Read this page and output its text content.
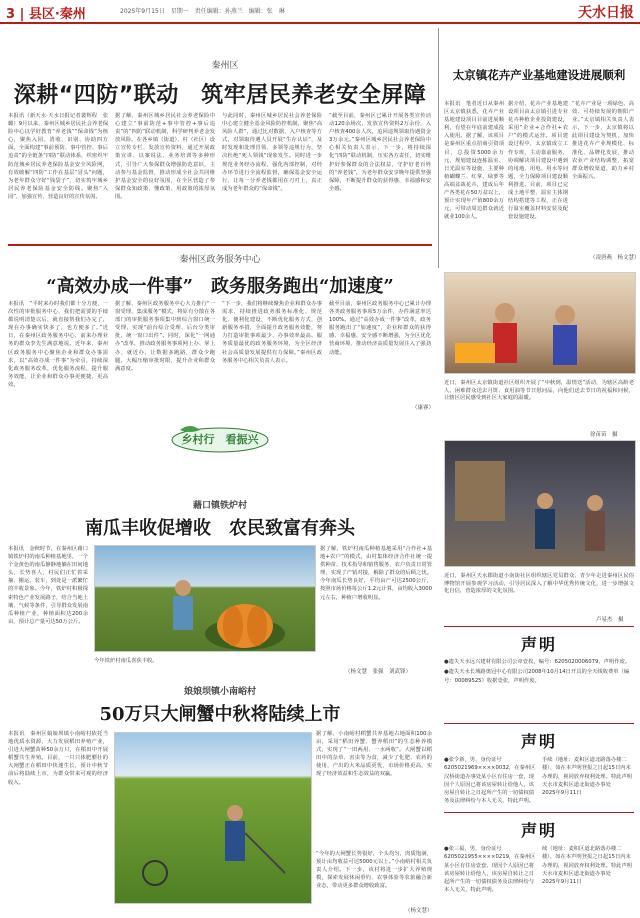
3 | 县区·秦州	2025年9月15日　星期一　责任编辑：孙燕兰　编辑：张　琳	天水日报
秦州区
深耕“四防”联动　筑牢居民养老安全屏障

本报讯（新天水·天水日报记者裴辉程　张璐）9月以来，秦州区城乡居民社会养老保险中心以学好教育“养老钱”“保命钱”为核心，聚焦入园、清收、识别、协助四方面，全面构建“事前预防、事中管控、事后追责”的全链条“四防”联动体系，织密织牢防范城乡居民养老保险基金安全风险网，有效破解“四防”工作在基层“冒头”问题，为老年群众守好“钱袋子”，切实筑牢城乡居民养老保险基金安全防线。聚焦“入园”，加强宣传，营造良好的宣传氛围。

据了解，秦州区城乡居民社会养老保险中心建立“事前防范+事中管控+事后追责”的“四防”联动机制，科学研判养老金发放风险。在各乡镇（街道）、村（社区）设立宣传专栏、发放宣传资料，通过开展政策宣讲、以案说法、业务培训等多种形式，引导广大参保群众增强防范意识，主动参与基金监督，推动形成全社会共同维护基金安全的良好氛围，在全区营造了参保群众知政策、懂政策、用政策的浓厚氛围。

与此同时，秦州区城乡居民社会养老保险中心建立健全基金风险防控机制，聚焦“高风险人群”，通过比对数据、入户核查等方式，对领取待遇人员开展“生存认证”，及时发现和处理冒领、多领等违规行为，坚决杜绝“死人领钱”现象发生。同时进一步规范业务经办流程，强化内部控制，对经办环节进行全流程监督，确保基金安全运行，让每一分养老钱都用在刀刃上，真正成为老年群众的“保命钱”。

“截至目前，秦州区已累计开展各类宣传活动120余场次，发放宣传资料2万余份，入户核查400余人次，追回违规领取待遇资金3万余元。”秦州区城乡居民社会养老保险中心相关负责人表示，下一步，将持续深化“四防”联动机制，压实各方责任，切实维护好参保群众的合法权益，守护好老百姓的“养老钱”，为老年群众安享晚年提供坚强保障，不断提升群众的获得感、幸福感和安全感。

太京镇花卉产业基地建设进展顺利

本报讯　笔者近日从秦州区太京镇获悉，花卉产业基地建设项目目前进展顺利，有望在年底前建成投入使用。据了解，该项目是秦州区重点招商引资项目，总投资5000余万元，规划建设连栋温室、日光温室等设施，主要种植蝴蝶兰、红掌、绿萝等高端盆栽花卉，建成后年产各类花卉50万盆以上，预计实现年产值800余万元，可带动周边群众就近就业100余人。

据介绍，花卉产业基地建设项目由太京镇引进专业花卉种植企业投资建设，采用“企业+合作社+农户”的模式运营。项目建设过程中，太京镇成立工作专班，主动靠前服务，协调解决项目建设中遇到的用地、用电、用水等问题，全力保障项目建设顺利推进。目前，项目已完成土地平整、温室主体钢结构搭建等工程，正在进行温室覆盖材料安装及配套设施建设。

“花卉产业是一项绿色、高效、可持续发展的朝阳产业。”太京镇相关负责人表示，下一步，太京镇将以此项目建设为契机，加快推进花卉产业规模化、标准化、品牌化发展，推动农业产业结构调整，拓宽群众增收渠道，助力乡村全面振兴。

（凌唐燕　杨文慧）
秦州区政务服务中心
“高效办成一件事”　政务服务跑出“加速度”

本报讯　“平时来办时我们都十分方便，一次性的审批服务中心，我们把需要的手续都说明清楚以后，就直接帮我们办完了，现在办事确实快多了，也方便多了。”近日，在秦州区政务服务中心，前来办理业务的群众李先生满意地说。近年来，秦州区政务服务中心聚焦企业和群众办事需求，以“高效办成一件事”为牵引，持续深化政务服务改革，优化服务流程，提升服务效能，让企业和群众办事更便捷、更高效。

据了解，秦州区政务服务中心大力推行“一窗受理、集成服务”模式，将原有分散在各部门的审批服务事项集中到综合窗口统一受理，实现“前台综合受理、后台分类审批、统一窗口出件”。同时，深化“一网通办”改革，推动政务服务事项网上办、掌上办、就近办，让数据多跑路，群众少跑腿，大幅压缩审批时限，提升企业和群众满意度。

“下一步，我们将继续聚焦企业和群众办事需求，持续推进政务服务标准化、规范化、便利化建设，不断优化服务方式，创新服务举措，全面提升政务服务效能，努力打造审批事项最少、办事效率最高、服务质量最优的政务服务环境，为全区经济社会高质量发展提供有力保障。”秦州区政务服务中心相关负责人表示。

截至目前，秦州区政务服务中心已累计办理各类政务服务事项5万余件，办件满意率达100%。通过“高效办成一件事”改革，政务服务跑出了“加速度”，企业和群众的获得感、幸福感、安全感不断增强，为全区优化营商环境、推动经济高质量发展注入了强劲动能。

（康睿）
乡村行　看振兴
藉口镇铁炉村
南瓜丰收促增收　农民致富有奔头

本报讯　金秋时节，在秦州区藉口镇铁炉村的南瓜种植基地里，一个个金黄色的南瓜静静地躺在田间地头，长势喜人，村民们正忙着采摘、搬运、装车，到处是一派繁忙的丰收景象。今年，铁炉村积极探索特色产业发展路子，结合当地土壤、气候等条件，引导群众发展南瓜种植产业，种植面积达200余亩，预计总产量可达50万公斤。

据了解，铁炉村南瓜种植基地采用“合作社+基地+农户”的模式，由村集体经济合作社统一提供种苗、技术指导和销售服务，农户负责日常管理，实现了产销对接，解除了群众的后顾之忧。今年南瓜长势良好，平均亩产可达2500公斤，按照市场价格每公斤1.2元计算，亩均收入3000元左右，种植户增收明显。

今年铁炉村南瓜喜获丰收。

（杨文慧　张强　刘武锋）
娘娘坝镇小南峪村
50万只大闸蟹中秋将陆续上市

本报讯　秦州区娘娘坝镇小南峪村依托当地优质水资源，大力发展稻田养殖产业，引进大闸蟹苗种50余万只，在稻田中开展稻蟹共生养殖。目前，一只只体肥膘壮的大闸蟹正在稻田中快速生长，预计中秋节前后将陆续上市，为群众带来可观的经济收入。

据了解，小南峪村稻蟹共养基地占地面积100余亩，采用“稻田养蟹、蟹养稻田”的生态种养模式，实现了“一田两用、一水两收”。大闸蟹以稻田中的杂草、害虫等为食，减少了化肥、农药的使用，产出的大米品质更优，市场价格更高，实现了经济效益和生态效益的双赢。

“今年的大闸蟹长势很好，个头均匀，肉质饱满，预计亩均收益可达5000元以上。”小南峪村相关负责人介绍。下一步，该村将进一步扩大养殖规模，探索发展休闲垂钓、农事体验等农旅融合新业态，带动更多群众增收致富。

（杨文慧）

近日，秦州区太京镇街道社区组织开展了“中秋到，温情送”活动，为辖区高龄老人、困难群众送去月饼、食用油等节日慰问品，向他们送去节日的祝福和问候，让辖区居民感受到社区大家庭的温暖。

徐苗苗　摄

近日，秦州区天水郡街道小南街社区组织辖区党员群众、青少年走进秦州区民俗博物馆开展参观学习活动，引导居民深入了解中华优秀传统文化，进一步增强文化自信，营造浓厚的文化氛围。

卢易杰　摄
声明
●遗失天水远兴建材有限公司公章壹枚，编号：6205020006079，声明作废。
●遗失天水长城路奥冠中心有限公司2008年10月14日开具的全天线收费单（编号：00089525）收据壹张，声明作废。
声明
●张令新，男，身份证号6205021969××××0032，在秦州区汉桥街道办事处某小区有住房一套，现因个人原因已将该房屋转让给他人，该房屋自转让之日起所产生的一切债权债务及法律纠纷与本人无关，特此声明。
手续（地址：麦积区道北路落办楼二楼），如在本声明登报之日起15日内未办理的，视同放弃权利处理。特此声明
天水市麦积区道北街道办事处
2025年9月11日
声明
●张三福，男，身份证号6205021955××××0219，在秦州区某小区有住房壹套，现因个人原因已将该房屋转让给他人，该房屋自转让之日起所产生的一切债权债务及法律纠纷与本人无关，特此声明。
续（地址：麦积区道北路落办楼二楼），如在本声明登报之日起15日内未办理的，视同放弃权利处理。特此声明
天水市麦积区道北街道办事处
2025年9月11日
